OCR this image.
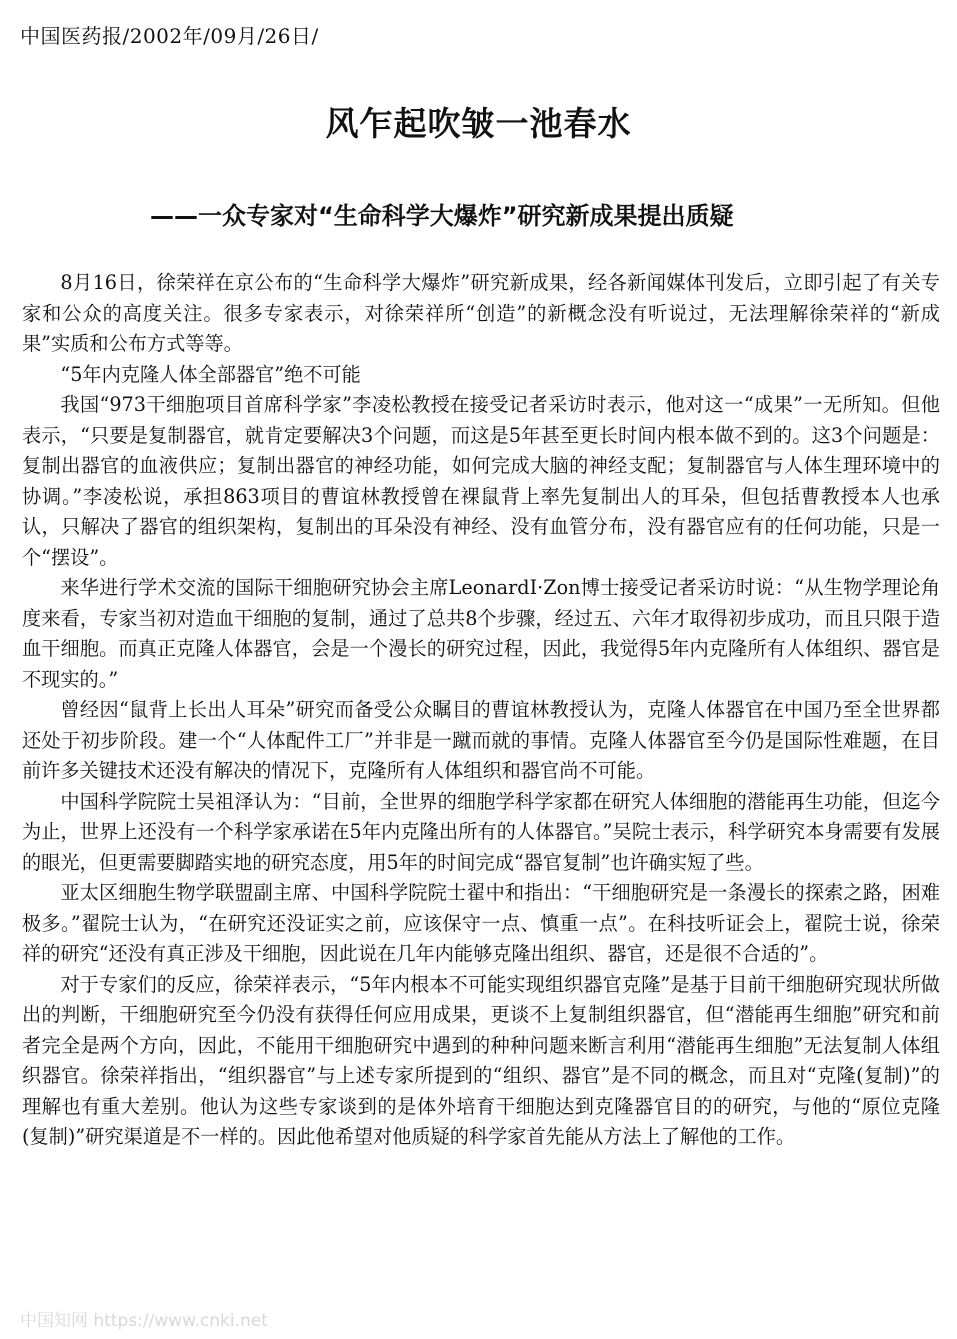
中国医药报/2002年/09月/26日/
风乍起吹皱一池春水
——一众专家对“生命科学大爆炸”研究新成果提出质疑

8月16日，徐荣祥在京公布的“生命科学大爆炸”研究新成果，经各新闻媒体刊发后，立即引起了有关专家和公众的高度关注。很多专家表示，对徐荣祥所“创造”的新概念没有听说过，无法理解徐荣祥的“新成果”实质和公布方式等等。

“5年内克隆人体全部器官”绝不可能

我国“973干细胞项目首席科学家”李凌松教授在接受记者采访时表示，他对这一“成果”一无所知。但他表示，“只要是复制器官，就肯定要解决3个问题，而这是5年甚至更长时间内根本做不到的。这3个问题是：复制出器官的血液供应；复制出器官的神经功能，如何完成大脑的神经支配；复制器官与人体生理环境中的协调。”李凌松说，承担863项目的曹谊林教授曾在裸鼠背上率先复制出人的耳朵，但包括曹教授本人也承认，只解决了器官的组织架构，复制出的耳朵没有神经、没有血管分布，没有器官应有的任何功能，只是一个“摆设”。

来华进行学术交流的国际干细胞研究协会主席LeonardI·Zon博士接受记者采访时说：“从生物学理论角度来看，专家当初对造血干细胞的复制，通过了总共8个步骤，经过五、六年才取得初步成功，而且只限于造血干细胞。而真正克隆人体器官，会是一个漫长的研究过程，因此，我觉得5年内克隆所有人体组织、器官是不现实的。”

曾经因“鼠背上长出人耳朵”研究而备受公众瞩目的曹谊林教授认为，克隆人体器官在中国乃至全世界都还处于初步阶段。建一个“人体配件工厂”并非是一蹴而就的事情。克隆人体器官至今仍是国际性难题，在目前许多关键技术还没有解决的情况下，克隆所有人体组织和器官尚不可能。

中国科学院院士吴祖泽认为：“目前，全世界的细胞学科学家都在研究人体细胞的潜能再生功能，但迄今为止，世界上还没有一个科学家承诺在5年内克隆出所有的人体器官。”吴院士表示，科学研究本身需要有发展的眼光，但更需要脚踏实地的研究态度，用5年的时间完成“器官复制”也许确实短了些。

亚太区细胞生物学联盟副主席、中国科学院院士翟中和指出：“干细胞研究是一条漫长的探索之路，困难极多。”翟院士认为，“在研究还没证实之前，应该保守一点、慎重一点”。在科技听证会上，翟院士说，徐荣祥的研究“还没有真正涉及干细胞，因此说在几年内能够克隆出组织、器官，还是很不合适的”。

对于专家们的反应，徐荣祥表示，“5年内根本不可能实现组织器官克隆”是基于目前干细胞研究现状所做出的判断，干细胞研究至今仍没有获得任何应用成果，更谈不上复制组织器官，但“潜能再生细胞”研究和前者完全是两个方向，因此，不能用干细胞研究中遇到的种种问题来断言利用“潜能再生细胞”无法复制人体组织器官。徐荣祥指出，“组织器官”与上述专家所提到的“组织、器官”是不同的概念，而且对“克隆(复制)”的理解也有重大差别。他认为这些专家谈到的是体外培育干细胞达到克隆器官目的的研究，与他的“原位克隆(复制)”研究渠道是不一样的。因此他希望对他质疑的科学家首先能从方法上了解他的工作。

中国知网 https://www.cnki.net
